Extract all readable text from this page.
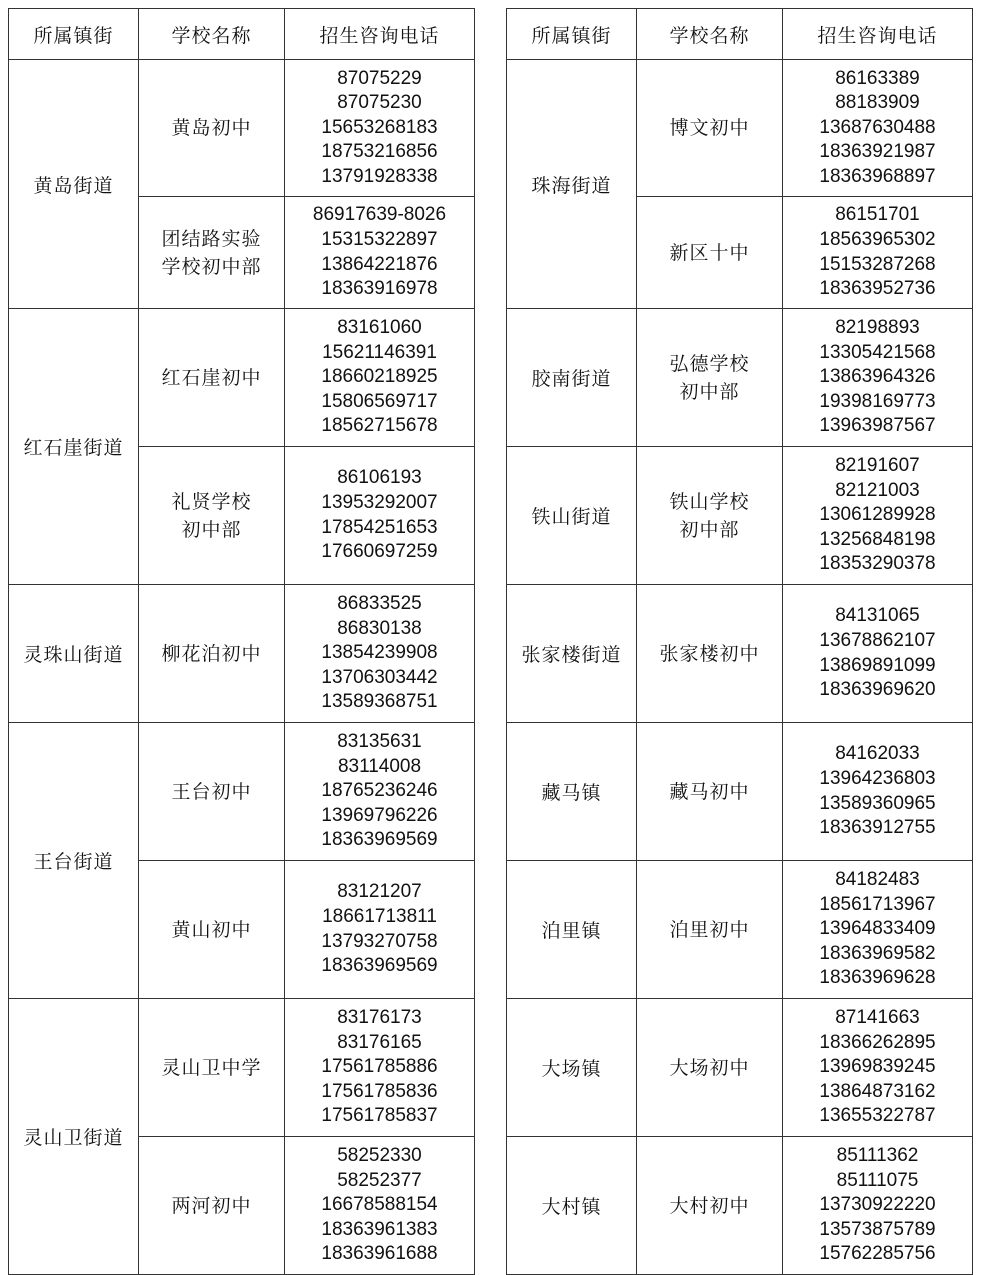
所属镇街	学校名称	招生咨询电话
黄岛街道	黄岛初中	87075229
87075230
15653268183
18753216856
13791928338

	团结路实验
学校初中部	86917639-8026
15315322897
13864221876
18363916978

红石崖街道	红石崖初中	83161060
15621146391
18660218925
15806569717
18562715678

	礼贤学校
初中部	86106193
13953292007
17854251653
17660697259

灵珠山街道	柳花泊初中	86833525
86830138
13854239908
13706303442
13589368751

王台街道	王台初中	83135631
83114008
18765236246
13969796226
18363969569

	黄山初中	83121207
18661713811
13793270758
18363969569

灵山卫街道	灵山卫中学	83176173
83176165
17561785886
17561785836
17561785837

	两河初中	58252330
58252377
16678588154
18363961383
18363961688
所属镇街	学校名称	招生咨询电话
珠海街道	博文初中	86163389
88183909
13687630488
18363921987
18363968897

	新区十中	86151701
18563965302
15153287268
18363952736

胶南街道	弘德学校
初中部	82198893
13305421568
13863964326
19398169773
13963987567

铁山街道	铁山学校
初中部	82191607
82121003
13061289928
13256848198
18353290378

张家楼街道	张家楼初中	84131065
13678862107
13869891099
18363969620

藏马镇	藏马初中	84162033
13964236803
13589360965
18363912755

泊里镇	泊里初中	84182483
18561713967
13964833409
18363969582
18363969628

大场镇	大场初中	87141663
18366262895
13969839245
13864873162
13655322787

大村镇	大村初中	85111362
85111075
13730922220
13573875789
15762285756
